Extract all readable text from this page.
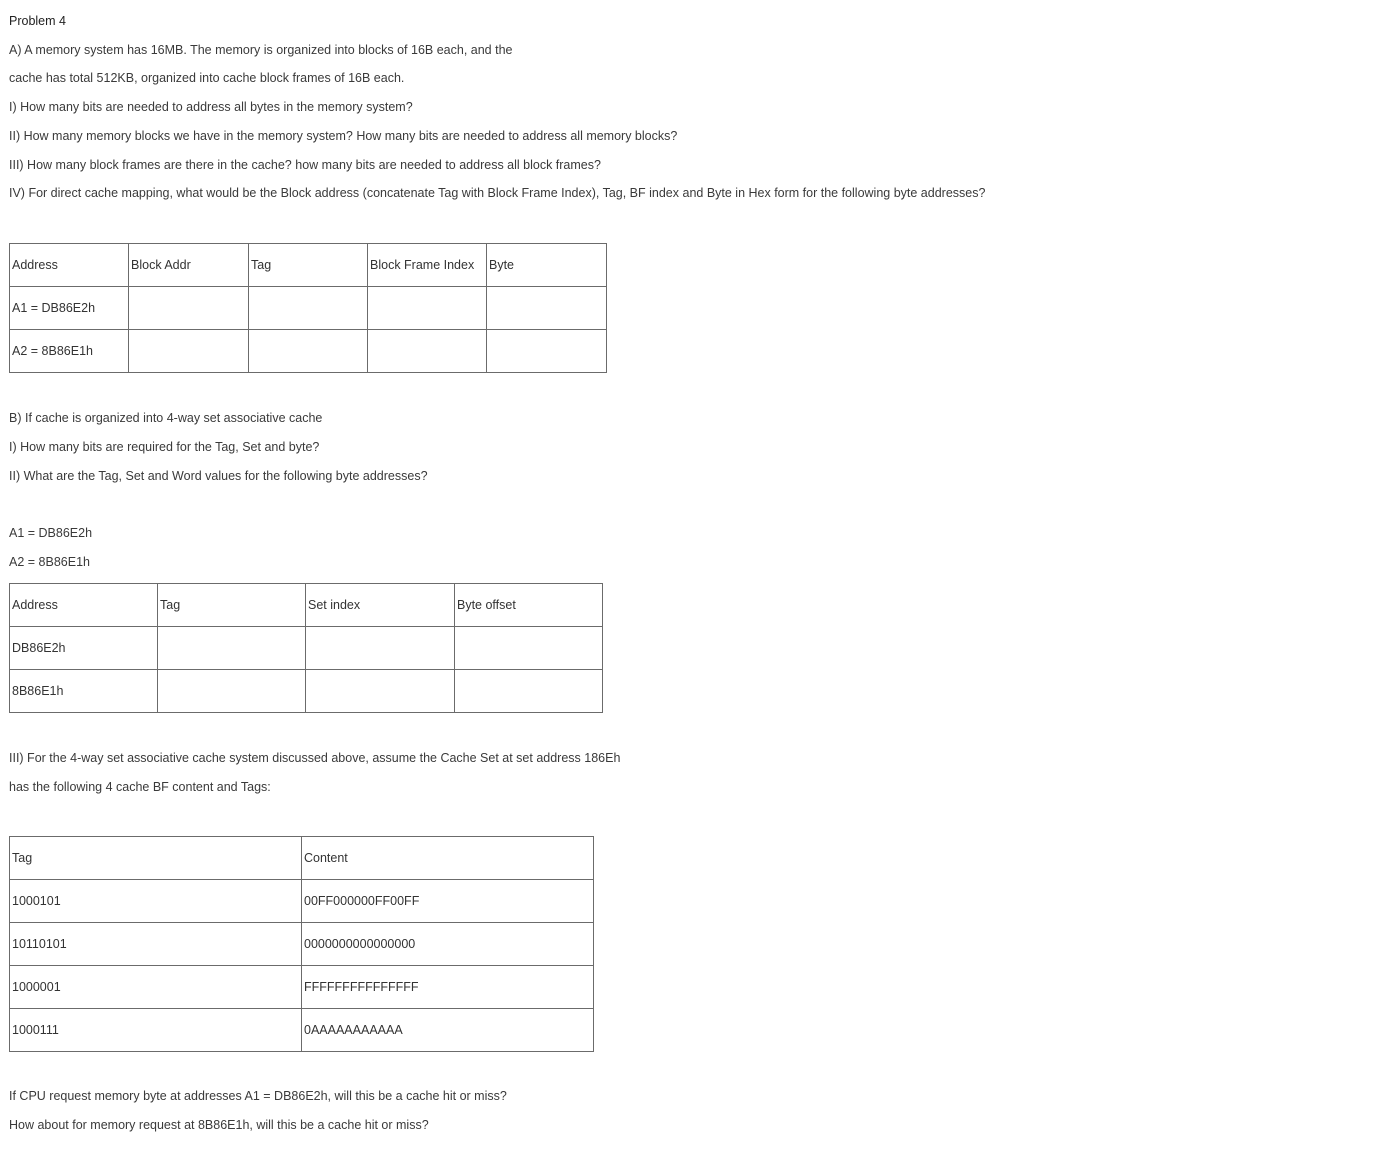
Problem 4
A) A memory system has 16MB. The memory is organized into blocks of 16B each, and the
cache has total 512KB, organized into cache block frames of 16B each.
I) How many bits are needed to address all bytes in the memory system?
II) How many memory blocks we have in the memory system? How many bits are needed to address all memory blocks?
III) How many block frames are there in the cache? how many bits are needed to address all block frames?
IV) For direct cache mapping, what would be the Block address (concatenate Tag with Block Frame Index), Tag, BF index and Byte in Hex form for the following byte addresses?
Address	Block Addr	Tag	Block Frame Index	Byte
A1 = DB86E2h				
A2 = 8B86E1h				
B) If cache is organized into 4-way set associative cache
I) How many bits are required for the Tag, Set and byte?
II) What are the Tag, Set and Word values for the following byte addresses?
A1 = DB86E2h
A2 = 8B86E1h
Address	Tag	Set index	Byte offset
DB86E2h			
8B86E1h			
III) For the 4-way set associative cache system discussed above, assume the Cache Set at set address 186Eh
has the following 4 cache BF content and Tags:
Tag	Content
1000101	00FF000000FF00FF
10110101	0000000000000000
1000001	FFFFFFFFFFFFFFF
1000111	0AAAAAAAAAAA
If CPU request memory byte at addresses A1 = DB86E2h, will this be a cache hit or miss?
How about for memory request at 8B86E1h, will this be a cache hit or miss?
